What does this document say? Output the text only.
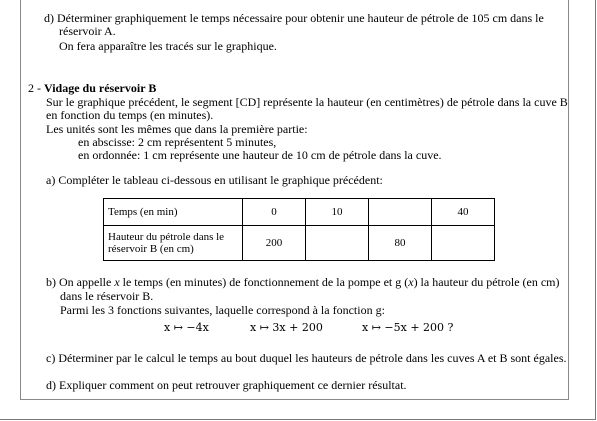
d) Déterminer graphiquement le temps nécessaire pour obtenir une hauteur de pétrole de 105 cm dans le
réservoir A.
On fera apparaître les tracés sur le graphique.
2 - Vidage du réservoir B
Sur le graphique précédent, le segment [CD] représente la hauteur (en centimètres) de pétrole dans la cuve B
en fonction du temps (en minutes).
Les unités sont les mêmes que dans la première partie:
en abscisse: 2 cm représentent 5 minutes,
en ordonnée: 1 cm représente une hauteur de 10 cm de pétrole dans la cuve.
a) Compléter le tableau ci-dessous en utilisant le graphique précédent:
Temps (en min)	0	10		40

Hauteur du pétrole dans le
réservoir B (en cm)	200		80	
b) On appelle x le temps (en minutes) de fonctionnement de la pompe et g (x) la hauteur du pétrole (en cm)
dans le réservoir B.
Parmi les 3 fonctions suivantes, laquelle correspond à la fonction g:
x ↦ −4x	x ↦ 3x + 200	x ↦ −5x + 200 ?
c) Déterminer par le calcul le temps au bout duquel les hauteurs de pétrole dans les cuves A et B sont égales.
d) Expliquer comment on peut retrouver graphiquement ce dernier résultat.
